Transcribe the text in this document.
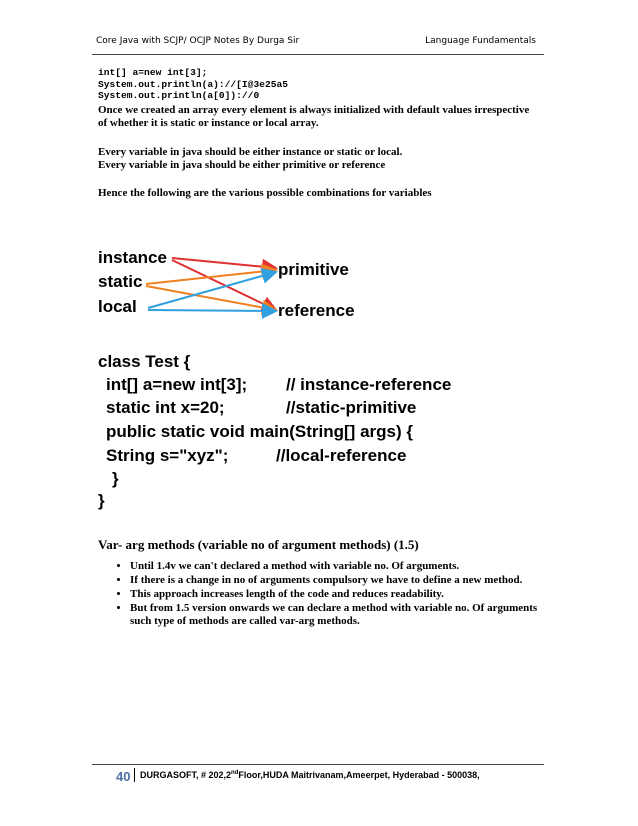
Core Java with SCJP/ OCJP Notes By Durga Sir	Language Fundamentals
int[] a=new int[3];
System.out.println(a)://[I@3e25a5
System.out.println(a[0])://0
Once we created an array every element is always initialized with default values irrespective of whether it is static or instance or local array.
Every variable in java should be either instance or static or local.
Every variable in java should be either primitive or reference
Hence the following are the various possible combinations for variables
instance
static
local
primitive
reference
class Test {
int[] a=new int[3]; // instance-reference
static int x=20;	//static-primitive
public static void main(String[] args) {
String s="xyz";	//local-reference
}
}
Var- arg methods (variable no of argument methods) (1.5)
• Until 1.4v we can't declared a method with variable no. Of arguments.
• If there is a change in no of arguments compulsory we have to define a new method.
• This approach increases length of the code and reduces readability.
• But from 1.5 version onwards we can declare a method with variable no. Of arguments such type of methods are called var-arg methods.
40 DURGASOFT, # 202,2ndFloor,HUDA Maitrivanam,Ameerpet, Hyderabad - 500038,
